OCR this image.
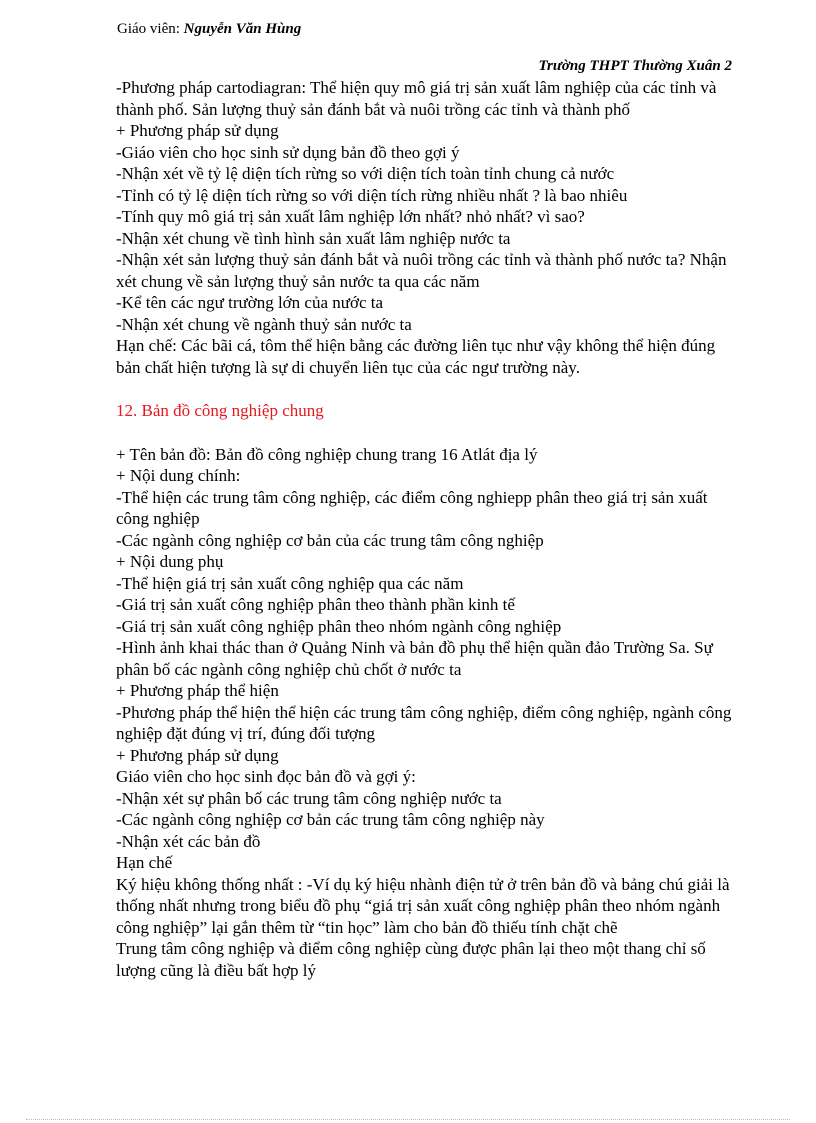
Giáo viên: Nguyễn Văn Hùng
Trường THPT Thường Xuân 2

-Phương pháp cartodiagran: Thể hiện quy mô giá trị sản xuất lâm nghiệp của các tỉnh và thành phố. Sản lượng thuỷ sản đánh bắt và nuôi trồng các tỉnh và thành phố

+ Phương pháp sử dụng

-Giáo viên cho học sinh sử dụng bản đồ theo gợi ý

-Nhận xét về tỷ lệ diện tích rừng so với diện tích toàn tỉnh chung cả nước

-Tỉnh có tỷ lệ diện tích rừng so với diện tích rừng nhiều nhất ? là bao nhiêu

-Tính quy mô giá trị sản xuất lâm nghiệp lớn nhất? nhỏ nhất? vì sao?

-Nhận xét chung về tình hình sản xuất lâm nghiệp nước ta

-Nhận xét sản lượng thuỷ sản đánh bắt và nuôi trồng các tỉnh và thành phố nước ta? Nhận xét chung về sản lượng thuỷ sản nước ta qua các năm

-Kể tên các ngư trường lớn của nước ta

-Nhận xét chung về ngành thuỷ sản nước ta

Hạn chế: Các bãi cá, tôm thể hiện bằng các đường liên tục như vậy không thể hiện đúng bản chất hiện tượng là sự di chuyển liên tục của các ngư trường này.

12. Bản đồ công nghiệp chung

+ Tên bản đồ: Bản đồ công nghiệp chung trang 16 Atlát địa lý

+ Nội dung chính:

-Thể hiện các trung tâm công nghiệp, các điểm công nghiepp phân theo giá trị sản xuất công nghiệp

-Các ngành công nghiệp cơ bản của các trung tâm công nghiệp

+ Nội dung phụ

-Thể hiện giá trị sản xuất công nghiệp qua các năm

-Giá trị sản xuất công nghiệp phân theo thành phần kinh tế

-Giá trị sản xuất công nghiệp phân theo nhóm ngành công nghiệp

-Hình ảnh khai thác than ở Quảng Ninh và bản đồ phụ thể hiện quần đảo Trường Sa. Sự phân bố các ngành công nghiệp chủ chốt ở nước ta

+ Phương pháp thể hiện

-Phương pháp thể hiện thể hiện các trung tâm công nghiệp, điểm công nghiệp, ngành công nghiệp đặt đúng vị trí, đúng đối tượng

+ Phương pháp sử dụng

Giáo viên cho học sinh đọc bản đồ và gợi ý:

-Nhận xét sự phân bố các trung tâm công nghiệp nước ta

-Các ngành công nghiệp cơ bản các trung tâm công nghiệp này

-Nhận xét các bản đồ

Hạn chế

Ký hiệu không thống nhất : -Ví dụ ký hiệu nhành điện tử ở trên bản đồ và bảng chú giải là thống nhất nhưng trong biểu đồ phụ “giá trị sản xuất công nghiệp phân theo nhóm ngành công nghiệp” lại gắn thêm từ “tin học” làm cho bản đồ thiếu tính chặt chẽ

Trung tâm công nghiệp và điểm công nghiệp cùng được phân lại theo một thang chỉ số lượng cũng là điều bất hợp lý
